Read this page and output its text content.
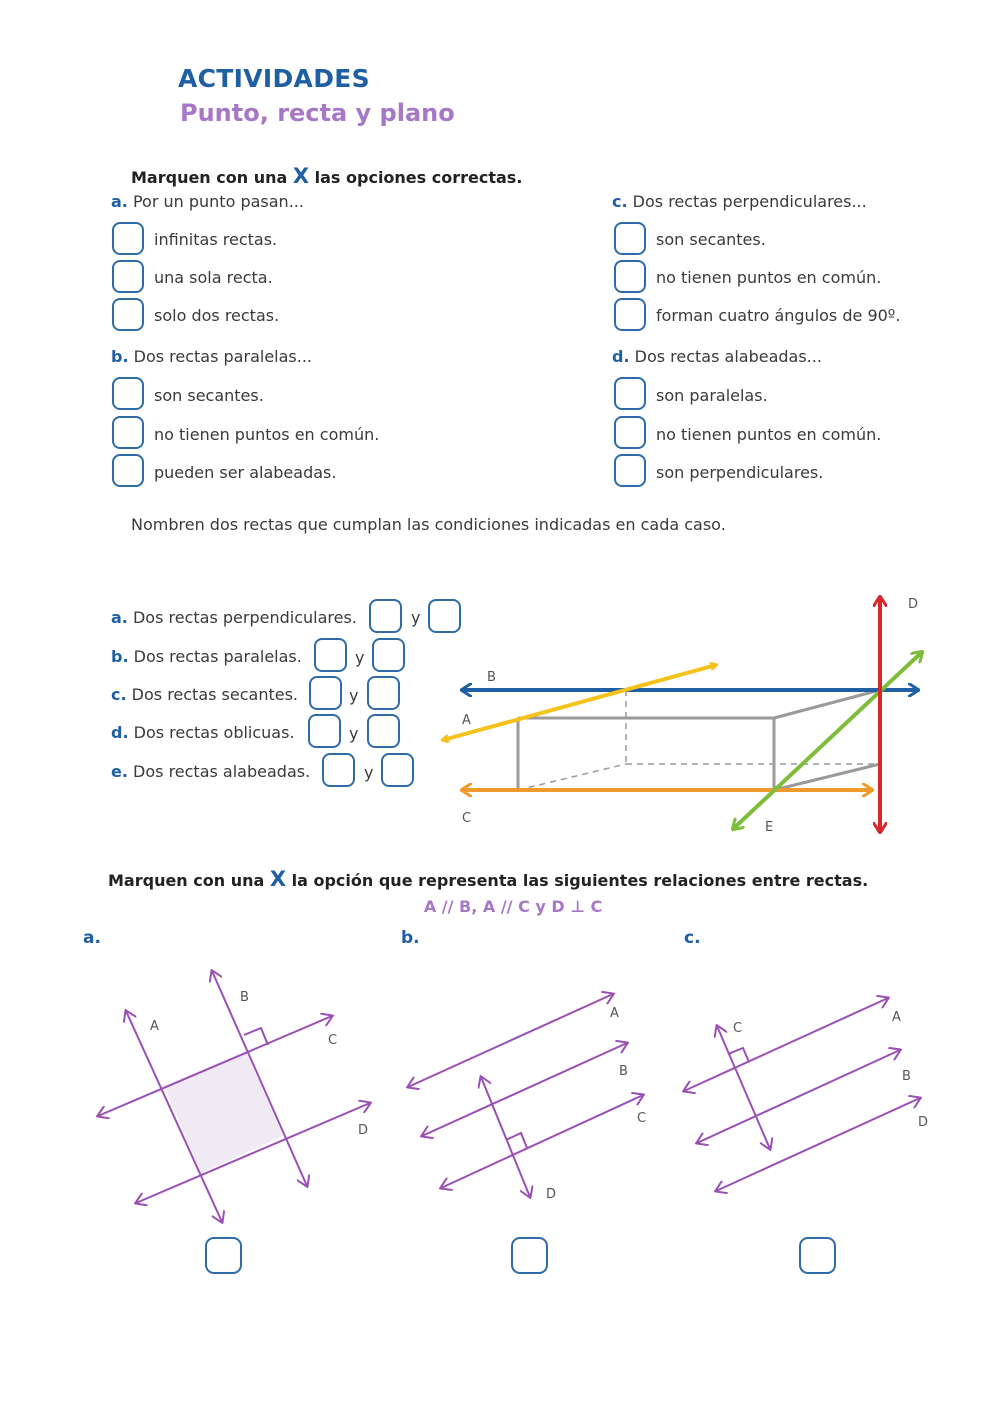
ACTIVIDADES
Punto, recta y plano
Marquen con una X las opciones correctas.
a. Por un punto pasan...
infinitas rectas.
una sola recta.
solo dos rectas.
b. Dos rectas paralelas...
son secantes.
no tienen puntos en común.
pueden ser alabeadas.
c. Dos rectas perpendiculares...
son secantes.
no tienen puntos en común.
forman cuatro ángulos de 90º.
d. Dos rectas alabeadas...
son paralelas.
no tienen puntos en común.
son perpendiculares.
Nombren dos rectas que cumplan las condiciones indicadas en cada caso.
a. Dos rectas perpendiculares.	y
b. Dos rectas paralelas.	y
c. Dos rectas secantes.	y
d. Dos rectas oblicuas.	y
e. Dos rectas alabeadas.	y
B
A
C
D
E
Marquen con una X la opción que representa las siguientes relaciones entre rectas.
A // B, A // C y D ⊥ C
a.	b.	c.
A
B
C
D
A
B
C
D
C
A
B
D
